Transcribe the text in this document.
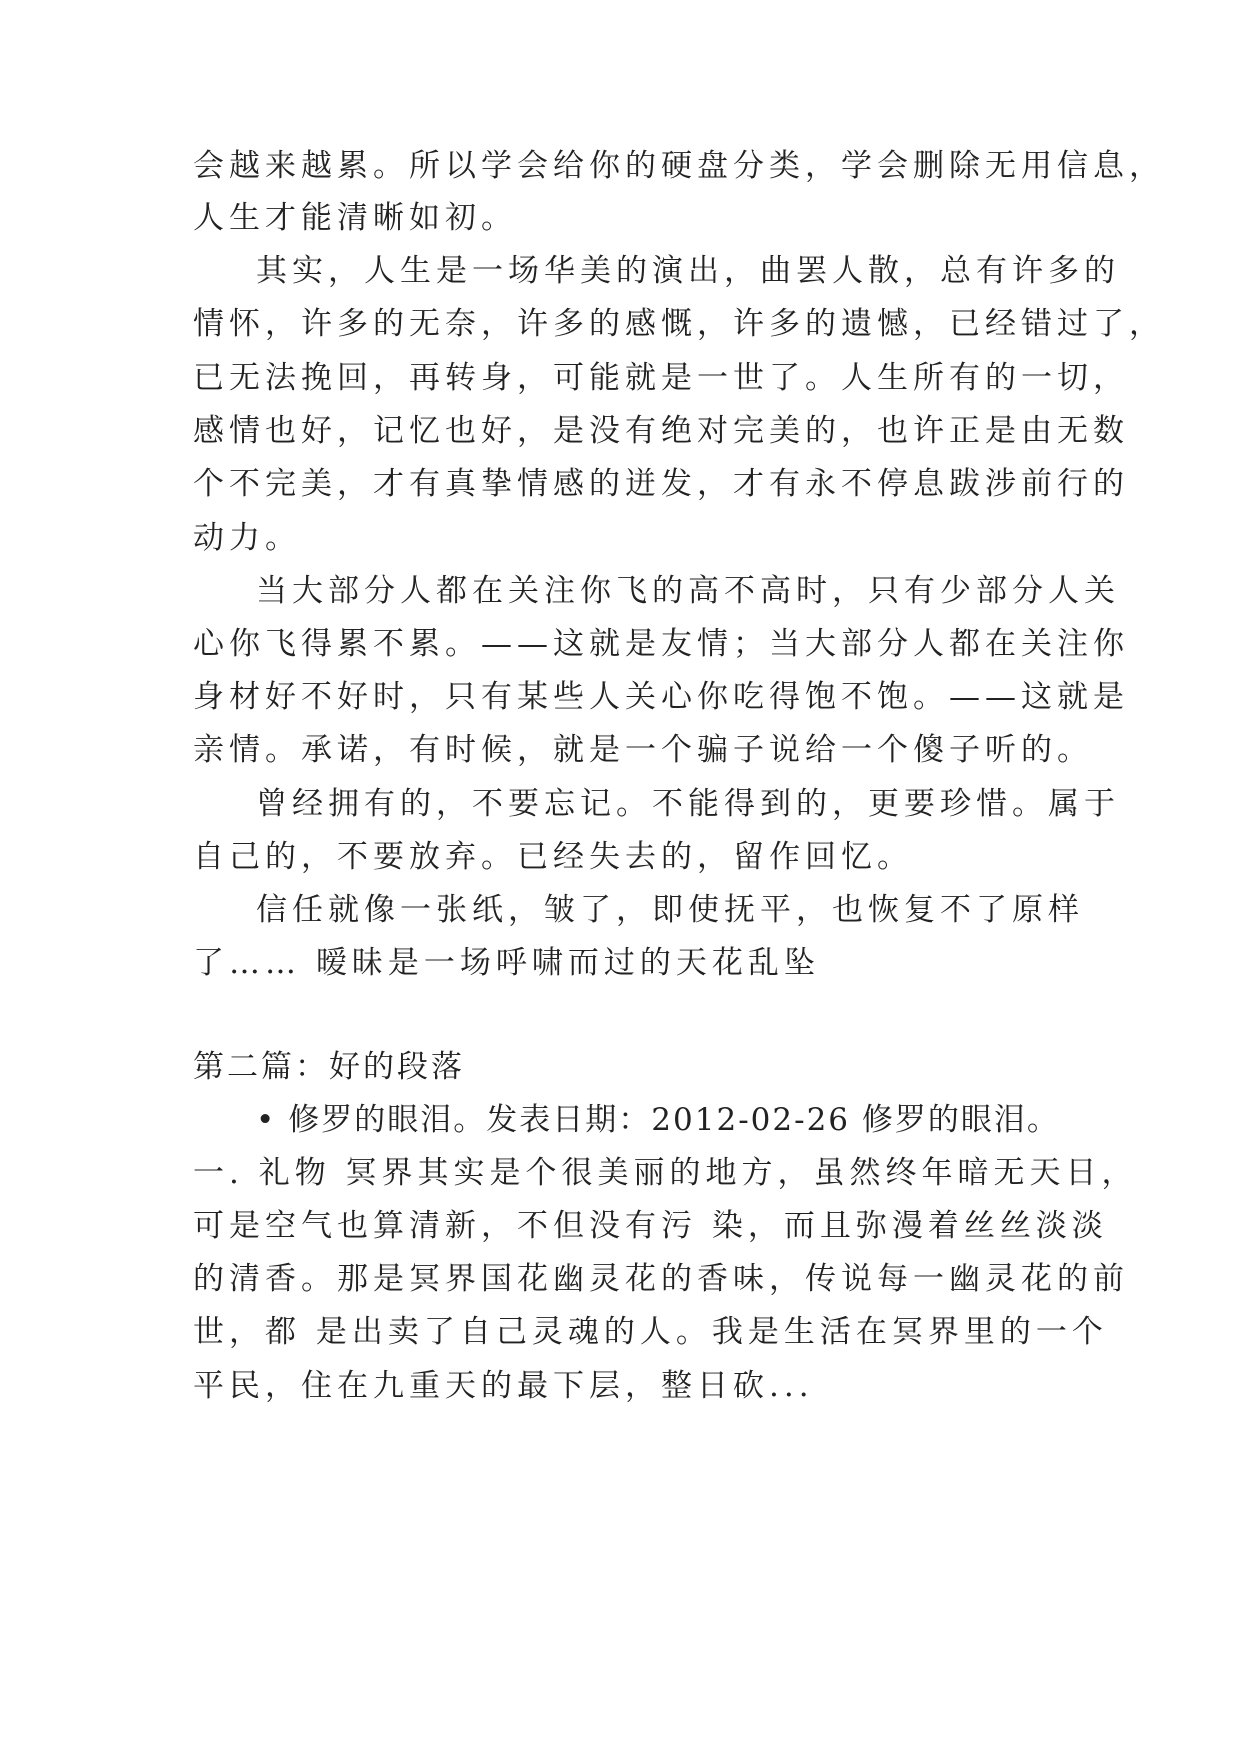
会越来越累。所以学会给你的硬盘分类，学会删除无用信息，
人生才能清晰如初。
其实，人生是一场华美的演出，曲罢人散，总有许多的
情怀，许多的无奈，许多的感慨，许多的遗憾，已经错过了，
已无法挽回，再转身，可能就是一世了。人生所有的一切，
感情也好，记忆也好，是没有绝对完美的，也许正是由无数
个不完美，才有真挚情感的迸发，才有永不停息跋涉前行的
动力。
当大部分人都在关注你飞的高不高时，只有少部分人关
心你飞得累不累。——这就是友情；当大部分人都在关注你
身材好不好时，只有某些人关心你吃得饱不饱。——这就是
亲情。承诺，有时候，就是一个骗子说给一个傻子听的。
曾经拥有的，不要忘记。不能得到的，更要珍惜。属于
自己的，不要放弃。已经失去的，留作回忆。
信任就像一张纸，皱了，即使抚平，也恢复不了原样
了…… 暧昧是一场呼啸而过的天花乱坠
第二篇：好的段落
• 修罗的眼泪。发表日期：2012-02-26 修罗的眼泪。
一. 礼物 冥界其实是个很美丽的地方，虽然终年暗无天日，
可是空气也算清新，不但没有污 染，而且弥漫着丝丝淡淡
的清香。那是冥界国花幽灵花的香味，传说每一幽灵花的前
世，都 是出卖了自己灵魂的人。我是生活在冥界里的一个
平民，住在九重天的最下层，整日砍...
